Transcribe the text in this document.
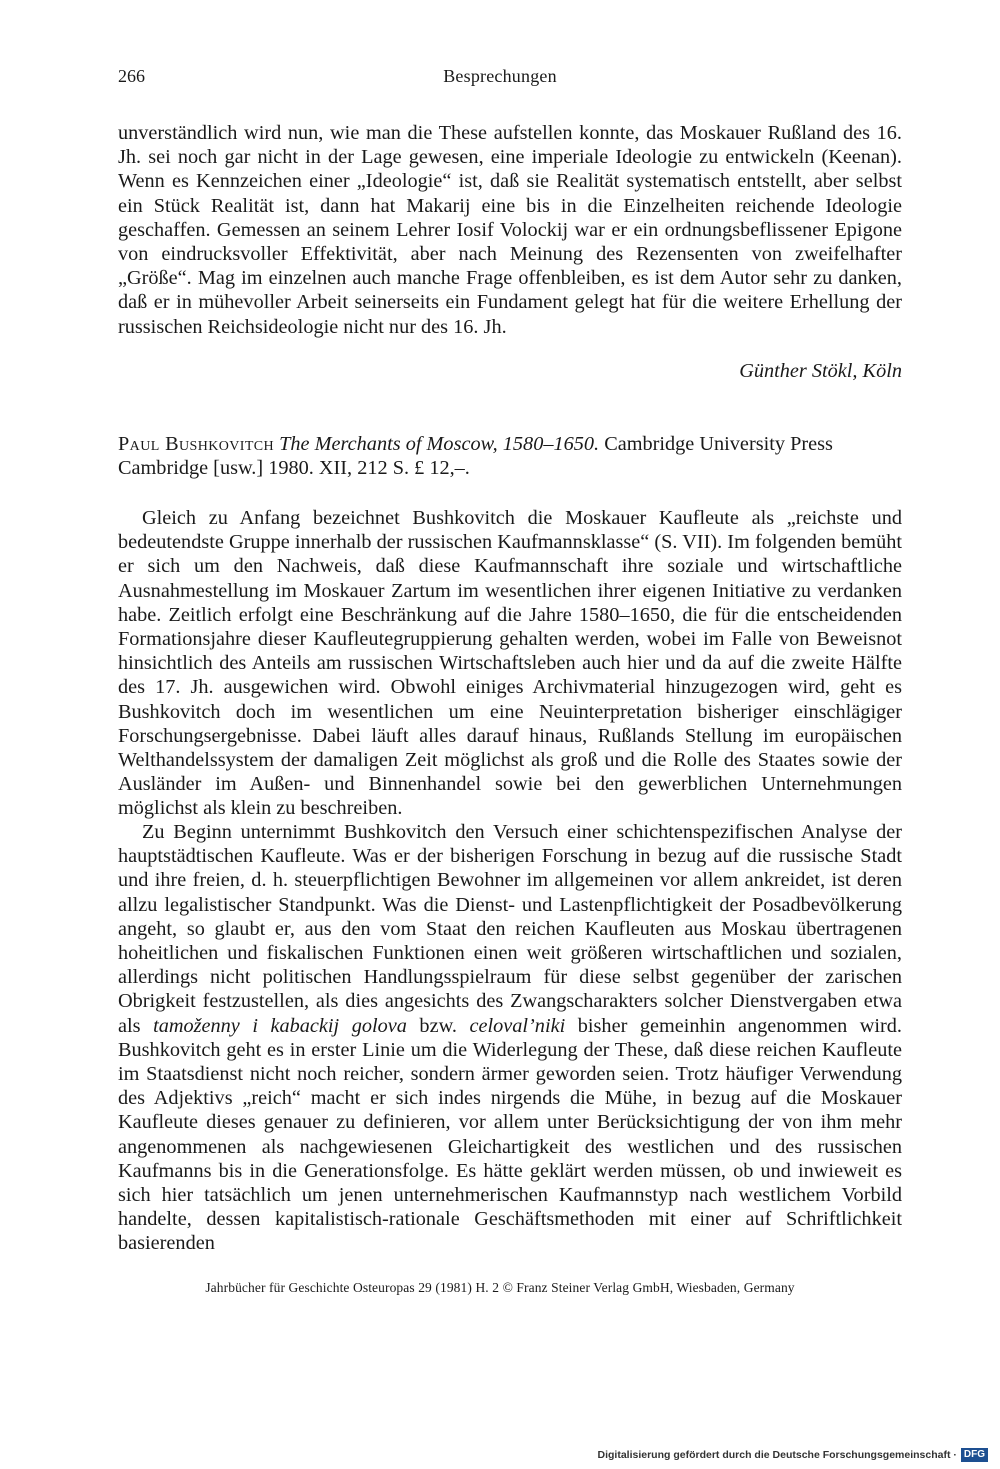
266	Besprechungen

unverständlich wird nun, wie man die These aufstellen konnte, das Moskauer Rußland des 16. Jh. sei noch gar nicht in der Lage gewesen, eine imperiale Ideologie zu entwickeln (Keenan). Wenn es Kennzeichen einer „Ideologie“ ist, daß sie Realität systematisch entstellt, aber selbst ein Stück Realität ist, dann hat Makarij eine bis in die Einzelheiten reichende Ideologie geschaffen. Gemessen an seinem Lehrer Iosif Volockij war er ein ordnungsbeflissener Epigone von eindrucksvoller Effektivität, aber nach Meinung des Rezensenten von zweifelhafter „Größe“. Mag im einzelnen auch manche Frage offenbleiben, es ist dem Autor sehr zu danken, daß er in mühevoller Arbeit seinerseits ein Fundament gelegt hat für die weitere Erhellung der russischen Reichsideologie nicht nur des 16. Jh.

Günther Stökl, Köln

Paul Bushkovitch The Merchants of Moscow, 1580–1650. Cambridge University Press Cambridge [usw.] 1980. XII, 212 S. £ 12,–.

Gleich zu Anfang bezeichnet Bushkovitch die Moskauer Kaufleute als „reichste und bedeutendste Gruppe innerhalb der russischen Kaufmannsklasse“ (S. VII). Im folgenden bemüht er sich um den Nachweis, daß diese Kaufmannschaft ihre soziale und wirtschaftliche Ausnahmestellung im Moskauer Zartum im wesentlichen ihrer eigenen Initiative zu verdanken habe. Zeitlich erfolgt eine Beschränkung auf die Jahre 1580–1650, die für die entscheidenden Formationsjahre dieser Kaufleutegruppierung gehalten werden, wobei im Falle von Beweisnot hinsichtlich des Anteils am russischen Wirtschaftsleben auch hier und da auf die zweite Hälfte des 17. Jh. ausgewichen wird. Obwohl einiges Archivmaterial hinzugezogen wird, geht es Bushkovitch doch im wesentlichen um eine Neuinterpretation bisheriger einschlägiger Forschungsergebnisse. Dabei läuft alles darauf hinaus, Rußlands Stellung im europäischen Welthandelssystem der damaligen Zeit möglichst als groß und die Rolle des Staates sowie der Ausländer im Außen- und Binnenhandel sowie bei den gewerblichen Unternehmungen möglichst als klein zu beschreiben.

Zu Beginn unternimmt Bushkovitch den Versuch einer schichtenspezifischen Analyse der hauptstädtischen Kaufleute. Was er der bisherigen Forschung in bezug auf die russische Stadt und ihre freien, d. h. steuerpflichtigen Bewohner im allgemeinen vor allem ankreidet, ist deren allzu legalistischer Standpunkt. Was die Dienst- und Lastenpflichtigkeit der Posadbevölkerung angeht, so glaubt er, aus den vom Staat den reichen Kaufleuten aus Moskau übertragenen hoheitlichen und fiskalischen Funktionen einen weit größeren wirtschaftlichen und sozialen, allerdings nicht politischen Handlungsspielraum für diese selbst gegenüber der zarischen Obrigkeit festzustellen, als dies angesichts des Zwangscharakters solcher Dienstvergaben etwa als tamoženny i kabackij golova bzw. celoval’niki bisher gemeinhin angenommen wird. Bushkovitch geht es in erster Linie um die Widerlegung der These, daß diese reichen Kaufleute im Staatsdienst nicht noch reicher, sondern ärmer geworden seien. Trotz häufiger Verwendung des Adjektivs „reich“ macht er sich indes nirgends die Mühe, in bezug auf die Moskauer Kaufleute dieses genauer zu definieren, vor allem unter Berücksichtigung der von ihm mehr angenommenen als nachgewiesenen Gleichartigkeit des westlichen und des russischen Kaufmanns bis in die Generationsfolge. Es hätte geklärt werden müssen, ob und inwieweit es sich hier tatsächlich um jenen unternehmerischen Kaufmannstyp nach westlichem Vorbild handelte, dessen kapitalistisch-rationale Geschäftsmethoden mit einer auf Schriftlichkeit basierenden

Jahrbücher für Geschichte Osteuropas 29 (1981) H. 2 © Franz Steiner Verlag GmbH, Wiesbaden, Germany
Digitalisierung gefördert durch die Deutsche Forschungsgemeinschaft · DFG
